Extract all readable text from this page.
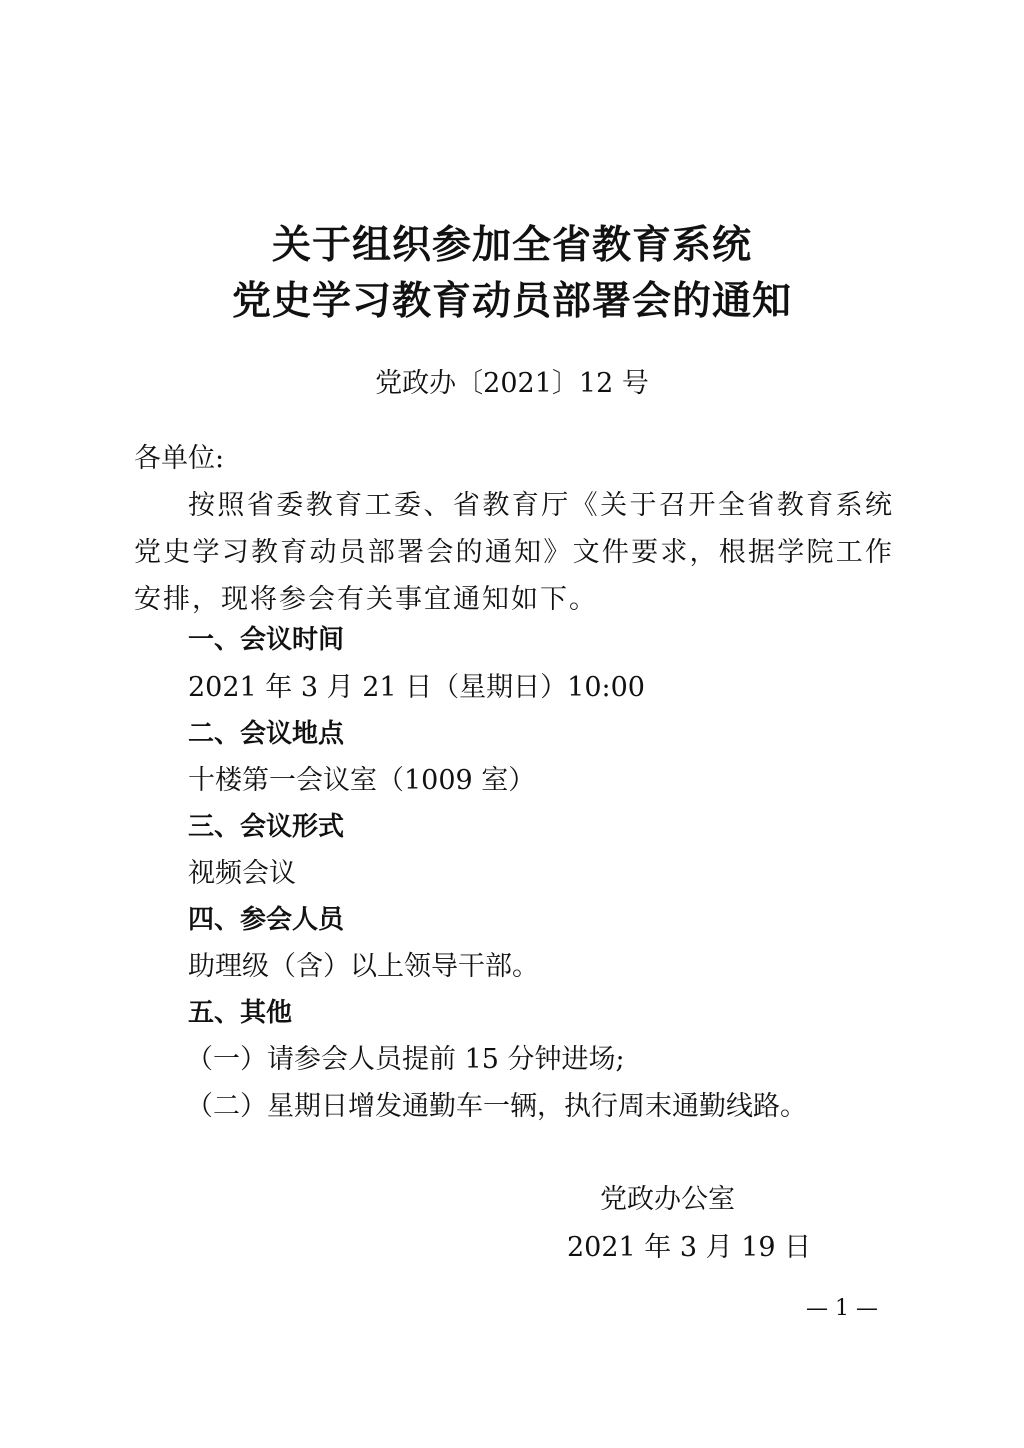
关于组织参加全省教育系统

党史学习教育动员部署会的通知

党政办〔2021〕12 号
各单位:
按照省委教育工委、省教育厅《关于召开全省教育系统党史学习教育动员部署会的通知》文件要求，根据学院工作安排，现将参会有关事宜通知如下。
一、会议时间
2021 年 3 月 21 日（星期日）10:00
二、会议地点
十楼第一会议室（1009 室）
三、会议形式
视频会议
四、参会人员
助理级（含）以上领导干部。
五、其他
（一）请参会人员提前 15 分钟进场;
（二）星期日增发通勤车一辆，执行周末通勤线路。
党政办公室
2021 年 3 月 19 日
— 1 —
